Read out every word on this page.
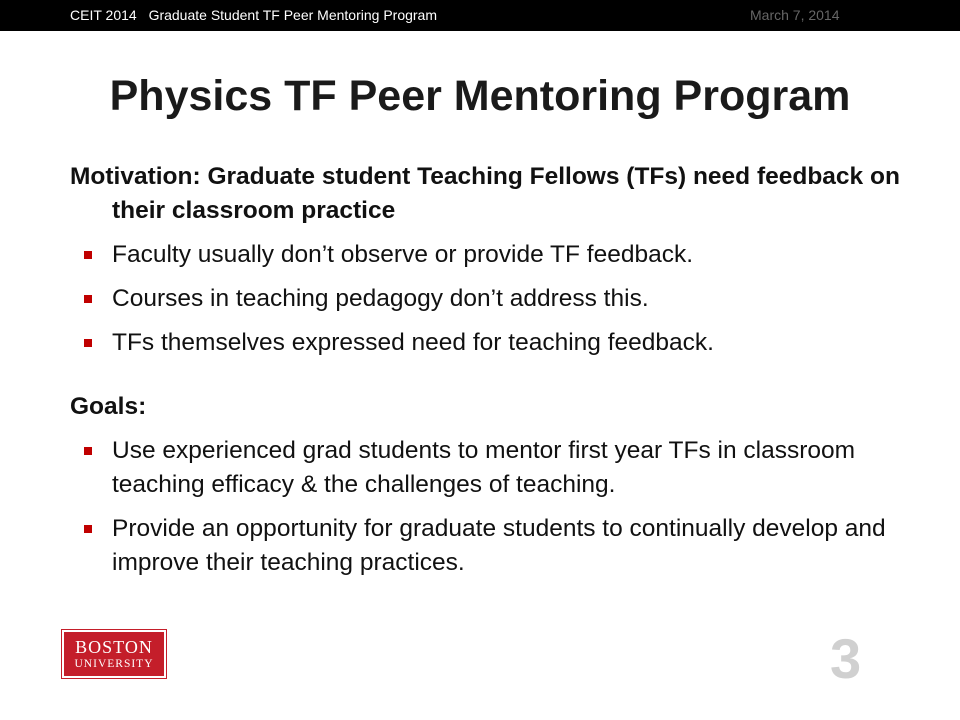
CEIT 2014 Graduate Student TF Peer Mentoring Program	March 7, 2014
Physics TF Peer Mentoring Program

Motivation: Graduate student Teaching Fellows (TFs) need feedback on their classroom practice

Faculty usually don’t observe or provide TF feedback.

Courses in teaching pedagogy don’t address this.

TFs themselves expressed need for teaching feedback.

Goals:

Use experienced grad students to mentor first year TFs in classroom teaching efficacy & the challenges of teaching.

Provide an opportunity for graduate students to continually develop and improve their teaching practices.

BOSTON
UNIVERSITY	3
